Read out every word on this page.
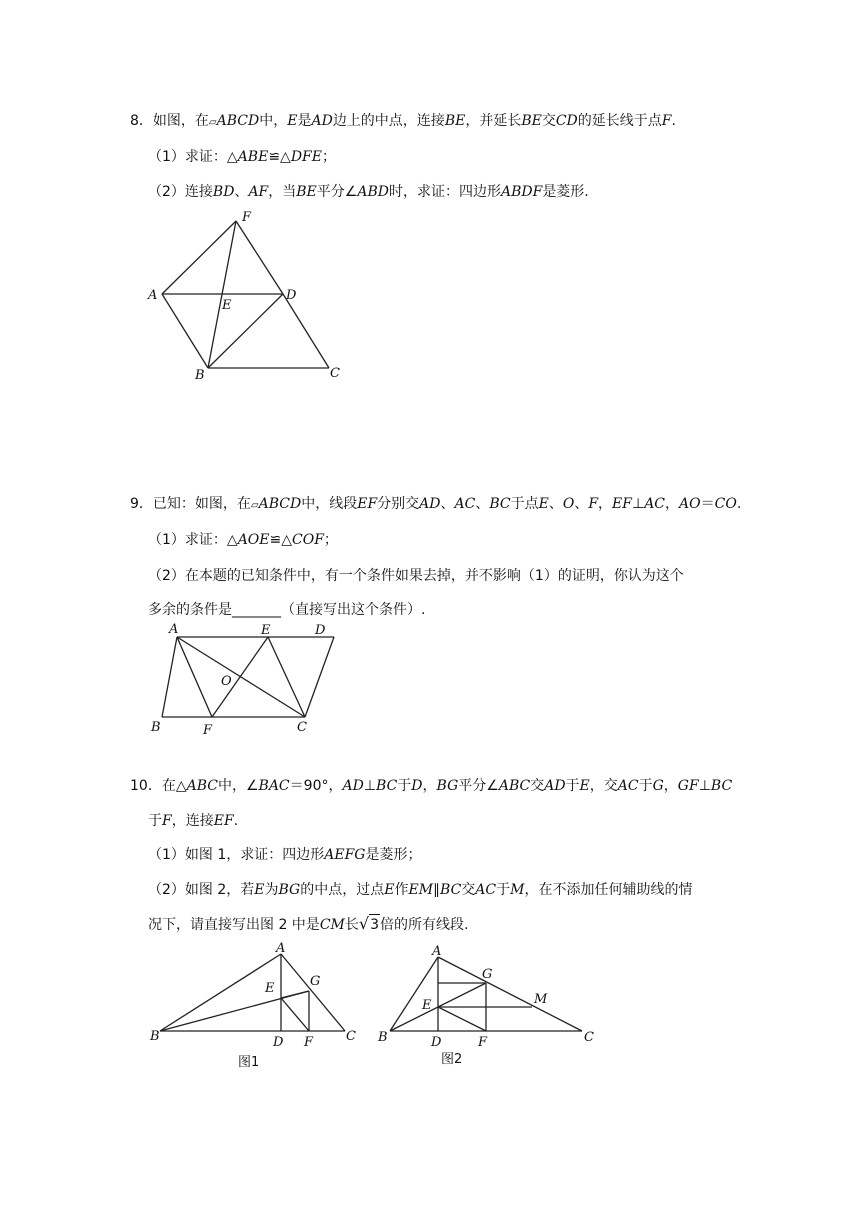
8．如图，在▱ABCD中，E是AD边上的中点，连接BE，并延长BE交CD的延长线于点F.
（1）求证：△ABE≌△DFE；
（2）连接BD、AF，当BE平分∠ABD时，求证：四边形ABDF是菱形.
F
A
E
D
B	C
9．已知：如图，在▱ABCD中，线段EF分别交AD、AC、BC于点E、O、F，EF⊥AC，AO＝CO.
（1）求证：△AOE≌△COF；
（2）在本题的已知条件中，有一个条件如果去掉，并不影响（1）的证明，你认为这个
多余的条件是_______（直接写出这个条件）.
A	E	D
O
B	F	C
10．在△ABC中，∠BAC＝90°，AD⊥BC于D，BG平分∠ABC交AD于E，交AC于G，GF⊥BC
于F，连接EF.
（1）如图 1，求证：四边形AEFG是菱形；
（2）如图 2，若E为BG的中点，过点E作EM∥BC交AC于M，在不添加任何辅助线的情
况下，请直接写出图 2 中是CM长√3倍的所有线段.
A
E	G
B	D F	C
图1
A
G
M
E
B	D	F	C
图2
